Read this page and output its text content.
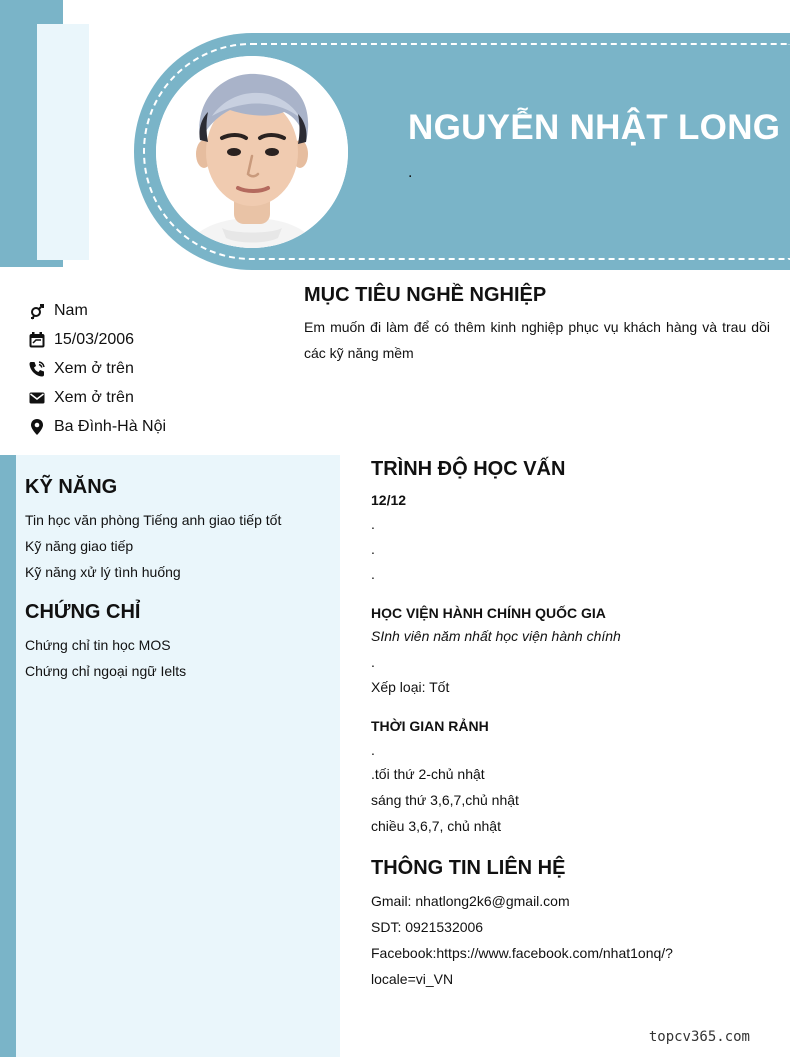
NGUYỄN NHẬT LONG
.
Nam
15/03/2006
Xem ở trên
Xem ở trên
Ba Đình-Hà Nội
MỤC TIÊU NGHỀ NGHIỆP
Em muốn đi làm để có thêm kinh nghiệp phục vụ khách hàng và trau dồi các kỹ năng mềm
KỸ NĂNG
Tin học văn phòng Tiếng anh giao tiếp tốt
Kỹ năng giao tiếp
Kỹ năng xử lý tình huống
CHỨNG CHỈ
Chứng chỉ tin học MOS
Chứng chỉ ngoại ngữ Ielts
TRÌNH ĐỘ HỌC VẤN
12/12
.
.
.
HỌC VIỆN HÀNH CHÍNH QUỐC GIA
SInh viên năm nhất học viện hành chính
.
Xếp loại: Tốt
THỜI GIAN RẢNH
.
.tối thứ 2-chủ nhật
sáng thứ 3,6,7,chủ nhật
chiều 3,6,7, chủ nhật
THÔNG TIN LIÊN HỆ
Gmail: nhatlong2k6@gmail.com
SDT: 0921532006
Facebook:https://www.facebook.com/nhat1onq/?
locale=vi_VN
topcv365.com
